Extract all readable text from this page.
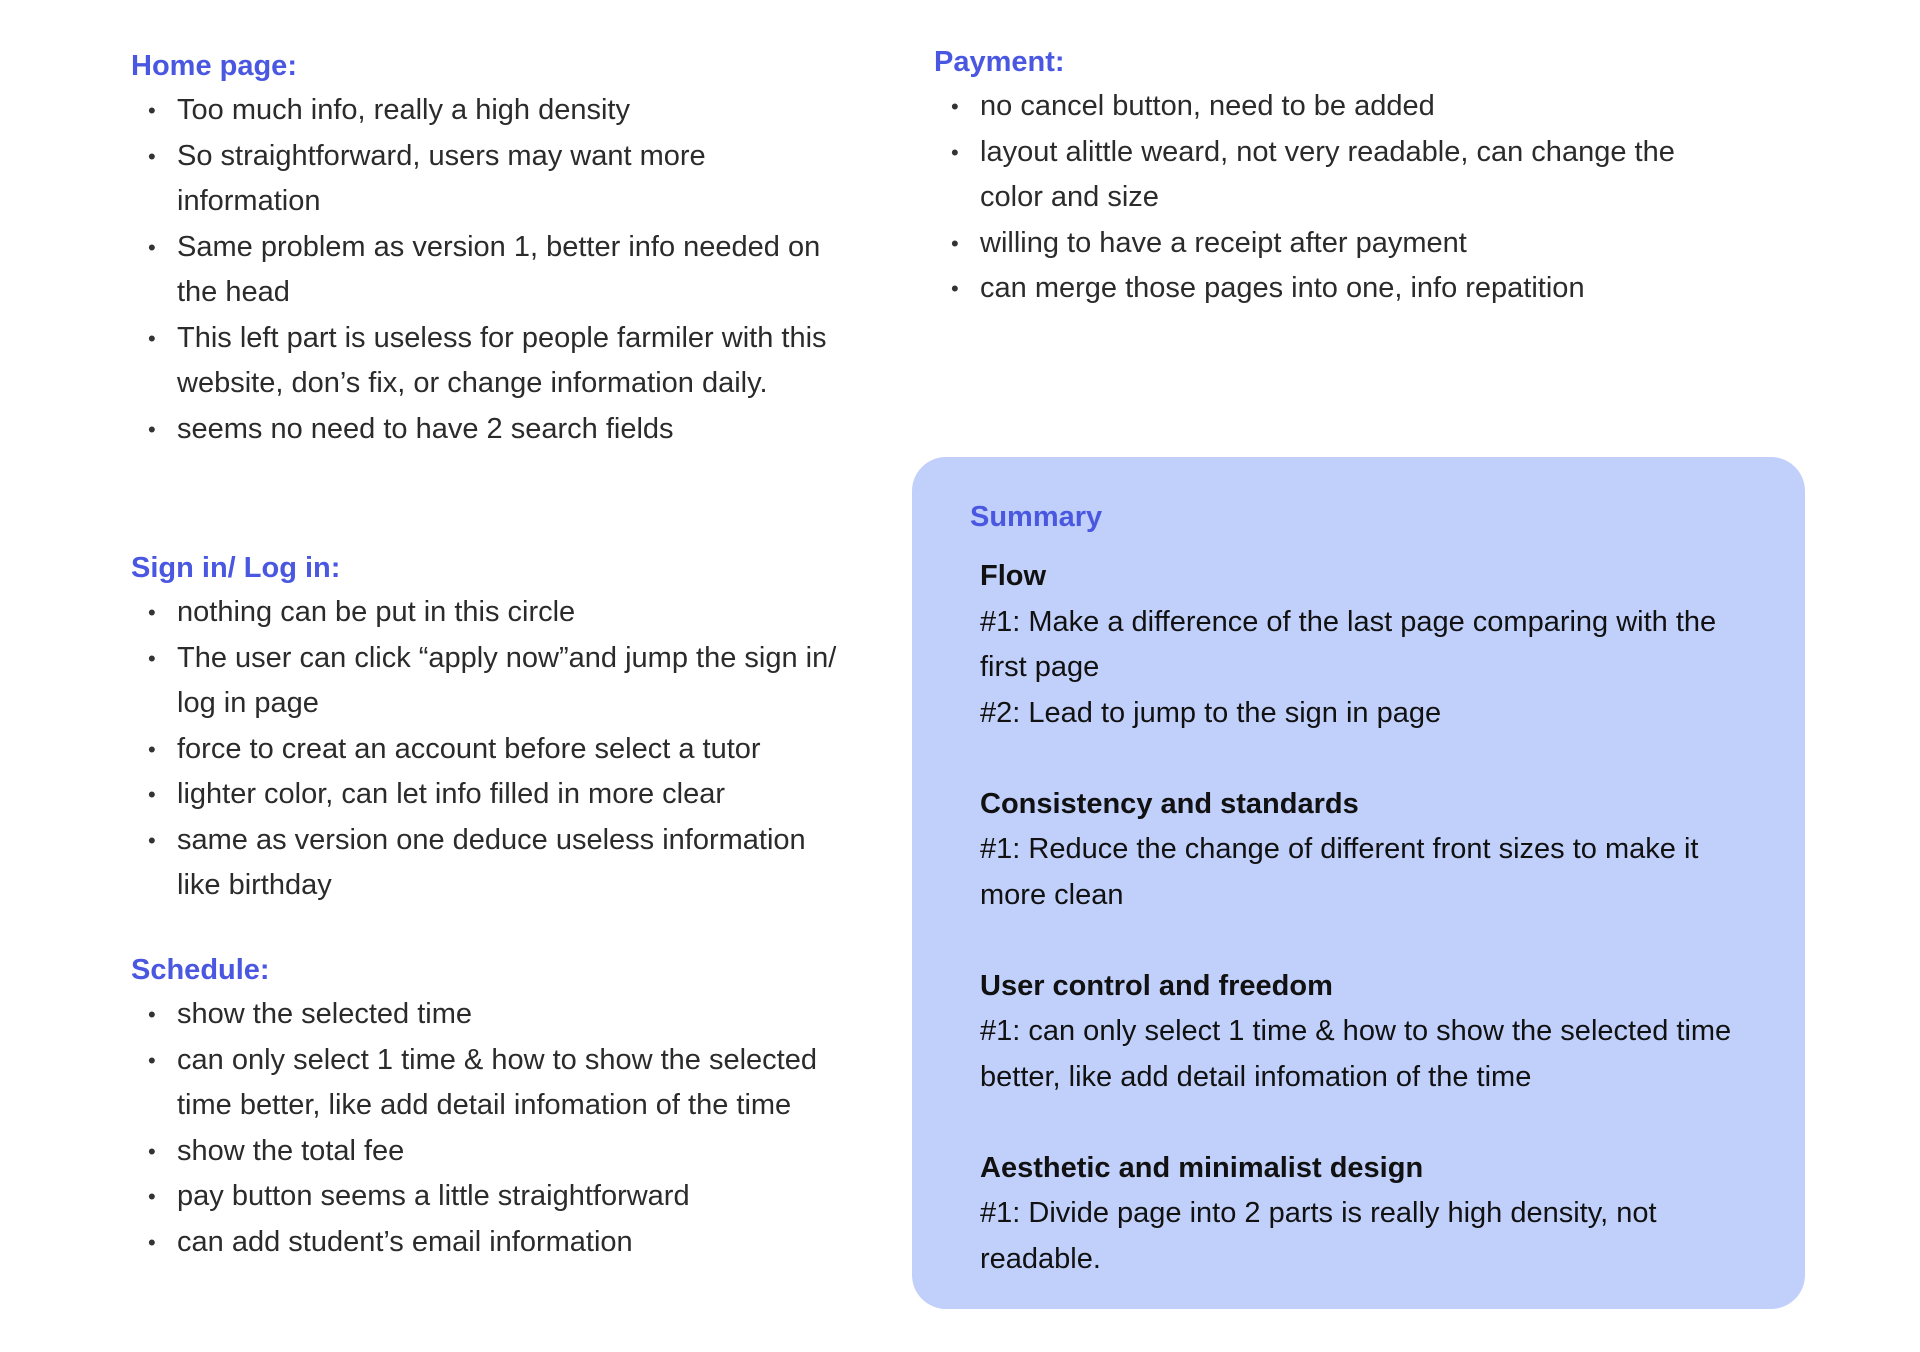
Home page:
• Too much info, really a high density
• So straightforward, users may want more information
• Same problem as version 1, better info needed on the head
• This left part is useless for people farmiler with this website, don’s fix, or change information daily.
• seems no need to have 2 search fields
Sign in/ Log in:
• nothing can be put in this circle
• The user can click “apply now”and jump the sign in/ log in page
• force to creat an account before select a tutor
• lighter color, can let info filled in more clear
• same as version one deduce useless information like birthday
Schedule:
• show the selected time
• can only select 1 time & how to show the selected time better, like add detail infomation of the time
• show the total fee
• pay button seems a little straightforward
• can add student’s email information
Payment:
• no cancel button, need to be added
• layout alittle weard, not very readable, can change the color and size
• willing to have a receipt after payment
• can merge those pages into one, info repatition
Summary

Flow

#1: Make a difference of the last page comparing with the first page

#2: Lead to jump to the sign in page

Consistency and standards

#1: Reduce the change of different front sizes to make it more clean

User control and freedom

#1: can only select 1 time & how to show the selected time better, like add detail infomation of the time

Aesthetic and minimalist design

#1: Divide page into 2 parts is really high density, not readable.
